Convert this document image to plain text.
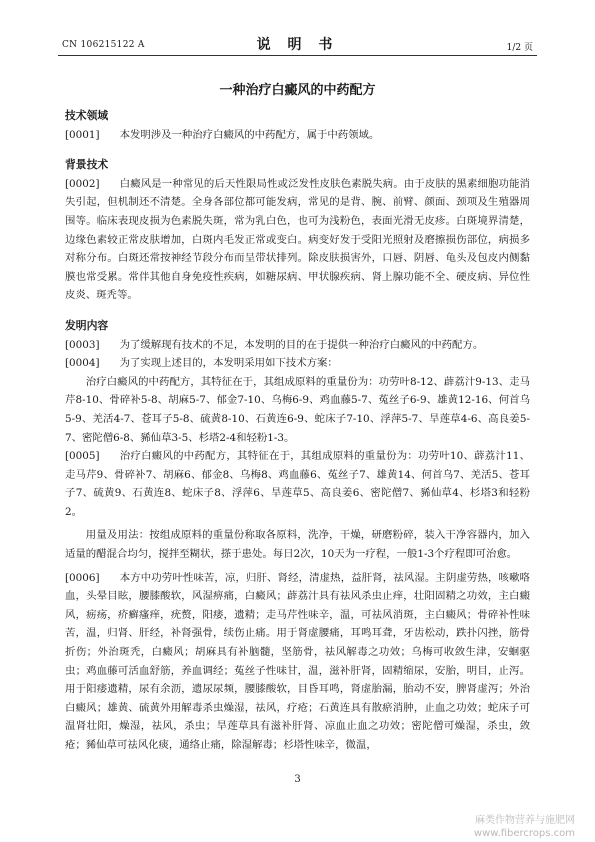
CN 106215122 A	说 明 书	1/2 页
一种治疗白癜风的中药配方
技术领域

[0001] 本发明涉及一种治疗白癜风的中药配方，属于中药领域。

背景技术

[0002] 白癜风是一种常见的后天性限局性或泛发性皮肤色素脱失病。由于皮肤的黑素细胞功能消失引起，但机制还不清楚。全身各部位都可能发病，常见的是背、腕、前臂、颜面、颈项及生殖器周围等。临床表现皮损为色素脱失斑，常为乳白色，也可为浅粉色，表面光滑无皮疹。白斑境界清楚，边缘色素较正常皮肤增加，白斑内毛发正常或变白。病变好发于受阳光照射及磨擦损伤部位，病损多对称分布。白斑还常按神经节段分布而呈带状排列。除皮肤损害外，口唇、阴唇、龟头及包皮内侧黏膜也常受累。常伴其他自身免疫性疾病，如糖尿病、甲状腺疾病、肾上腺功能不全、硬皮病、异位性皮炎、斑秃等。

发明内容

[0003] 为了缓解现有技术的不足，本发明的目的在于提供一种治疗白癜风的中药配方。

[0004] 为了实现上述目的，本发明采用如下技术方案：

治疗白癜风的中药配方，其特征在于，其组成原料的重量份为：功劳叶8-12、薜荔汁9-13、走马芹8-10、骨碎补5-8、胡麻5-7、郁金7-10、乌梅6-9、鸡血藤5-7、菟丝子6-9、雄黄12-16、何首乌5-9、羌活4-7、苍耳子5-8、硫黄8-10、石黄连6-9、蛇床子7-10、浮萍5-7、旱莲草4-6、高良姜5-7、密陀僧6-8、豨仙草3-5、杉塔2-4和轻粉1-3。

[0005] 治疗白癜风的中药配方，其特征在于，其组成原料的重量份为：功劳叶10、薜荔汁11、走马芹9、骨碎补7、胡麻6、郁金8、乌梅8、鸡血藤6、菟丝子7、雄黄14、何首乌7、羌活5、苍耳子7、硫黄9、石黄连8、蛇床子8、浮萍6、旱莲草5、高良姜6、密陀僧7、豨仙草4、杉塔3和轻粉2。

用量及用法：按组成原料的重量份称取各原料，洗净，干燥，研磨粉碎，装入干净容器内，加入适量的醋混合均匀，搅拌至糊状，搽于患处。每日2次，10天为一疗程，一般1-3个疗程即可治愈。

[0006] 本方中功劳叶性味苦，凉，归肝、肾经，清虚热，益肝肾，祛风湿。主阴虚劳热，咳嗽咯血，头晕目眩，腰膝酸软，风湿痹痛，白癜风；薜荔汁具有祛风杀虫止痒，壮阳固精之功效，主白癜风，疬疡，疥癣瘙痒，疣赘，阳痿，遗精；走马芹性味辛，温，可祛风消斑，主白癜风；骨碎补性味苦，温，归肾、肝经，补肾强骨，续伤止痛。用于肾虚腰痛，耳鸣耳聋，牙齿松动，跌扑闪挫，筋骨折伤；外治斑秃，白癜风；胡麻具有补脑髓，坚筋骨，祛风解毒之功效；乌梅可收敛生津，安蛔驱虫；鸡血藤可活血舒筋，养血调经；菟丝子性味甘，温，滋补肝肾，固精缩尿，安胎，明目，止泻。用于阳痿遗精，尿有余沥，遗尿尿频，腰膝酸软，目昏耳鸣，肾虚胎漏，胎动不安，脾肾虚泻；外治白癜风；雄黄、硫黄外用解毒杀虫燥湿，祛风，疗疮；石黄连具有散瘀消肿，止血之功效；蛇床子可温肾壮阳，燥湿，祛风，杀虫；旱莲草具有滋补肝肾、凉血止血之功效；密陀僧可燥湿，杀虫，敛疮；豨仙草可祛风化痰，通络止痛，除湿解毒；杉塔性味辛，微温，

3
麻类作物营养与施肥网
www.fibercrops.com
